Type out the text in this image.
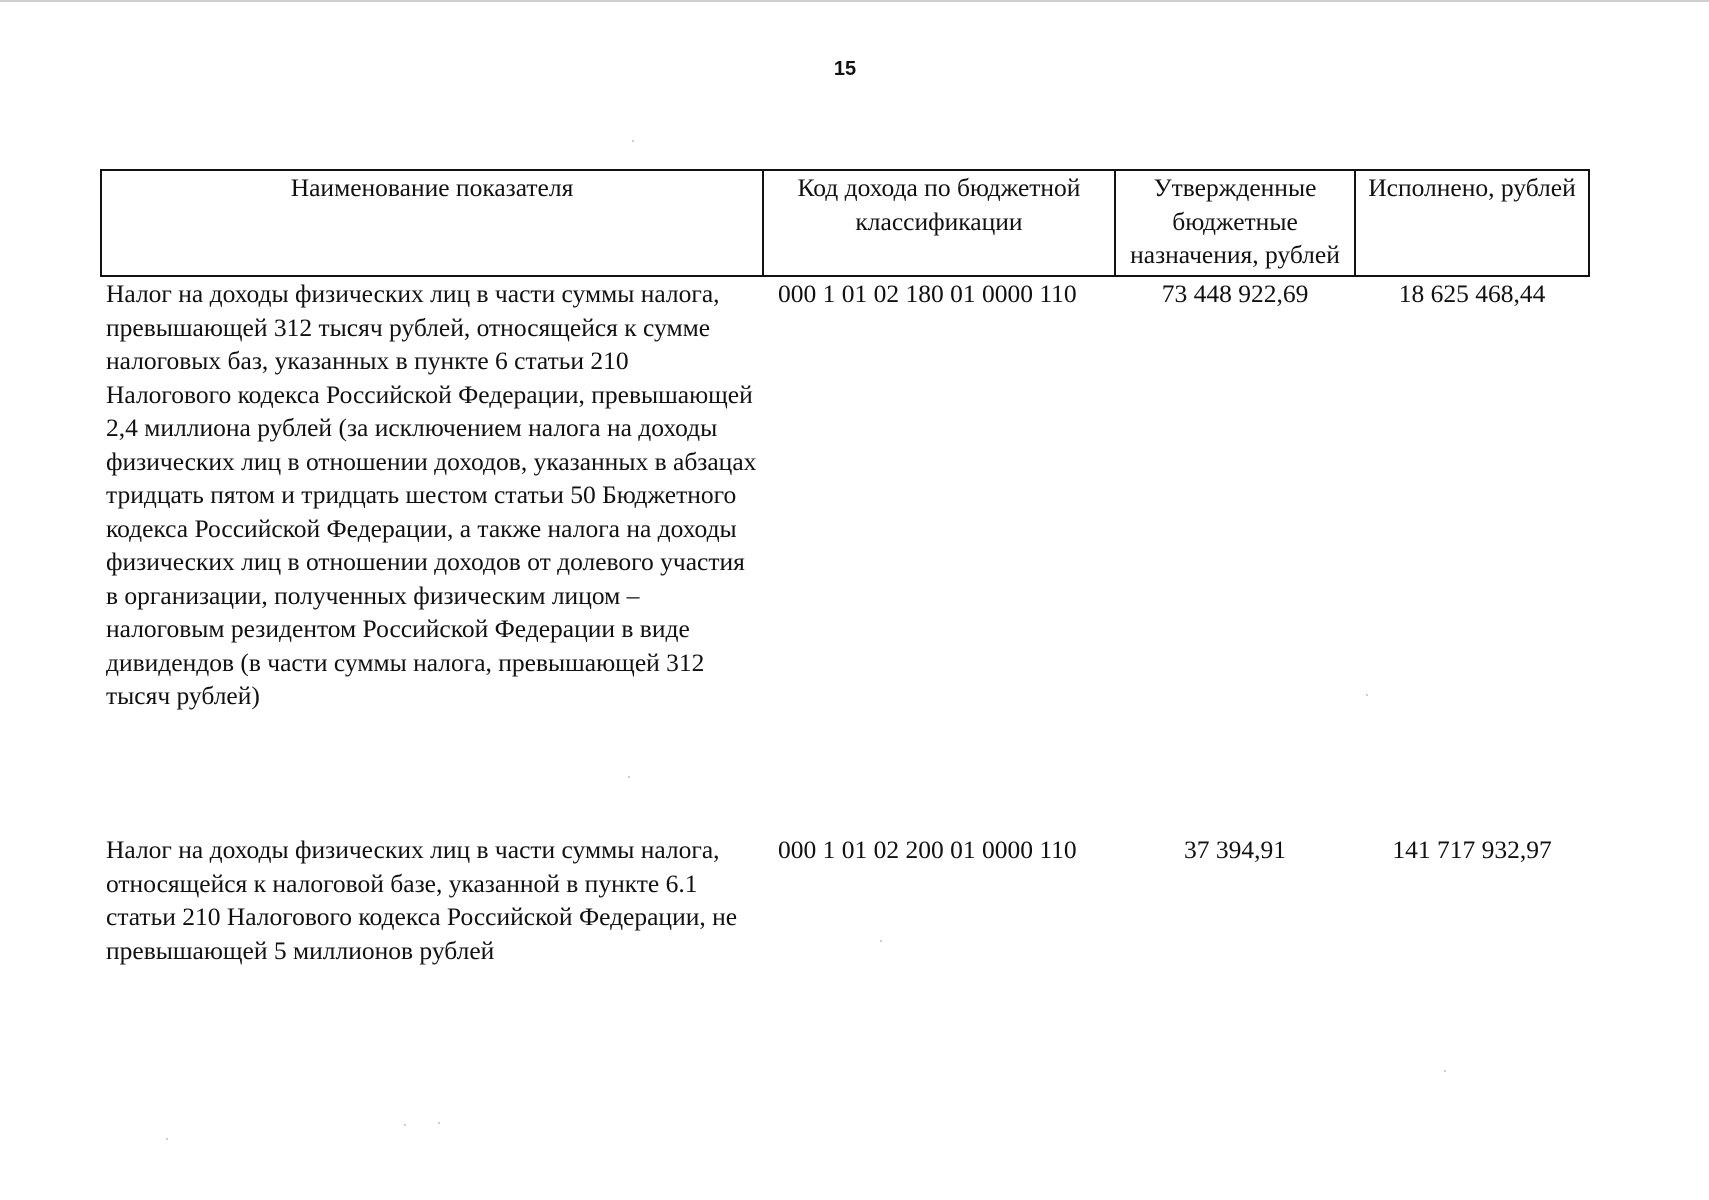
15
Наименование показателя	Код дохода по бюджетной классификации	Утвержденные бюджетные назначения, рублей	Исполнено, рублей
Налог на доходы физических лиц в части суммы налога, превышающей 312 тысяч рублей, относящейся к сумме налоговых баз, указанных в пункте 6 статьи 210 Налогового кодекса Российской Федерации, превышающей 2,4 миллиона рублей (за исключением налога на доходы физических лиц в отношении доходов, указанных в абзацах тридцать пятом и тридцать шестом статьи 50 Бюджетного кодекса Российской Федерации, а также налога на доходы физических лиц в отношении доходов от долевого участия в организации, полученных физическим лицом – налоговым резидентом Российской Федерации в виде дивидендов (в части суммы налога, превышающей 312 тысяч рублей)	000 1 01 02 180 01 0000 110	73 448 922,69	18 625 468,44
Налог на доходы физических лиц в части суммы налога, относящейся к налоговой базе, указанной в пункте 6.1 статьи 210 Налогового кодекса Российской Федерации, не превышающей 5 миллионов рублей	000 1 01 02 200 01 0000 110	37 394,91	141 717 932,97
